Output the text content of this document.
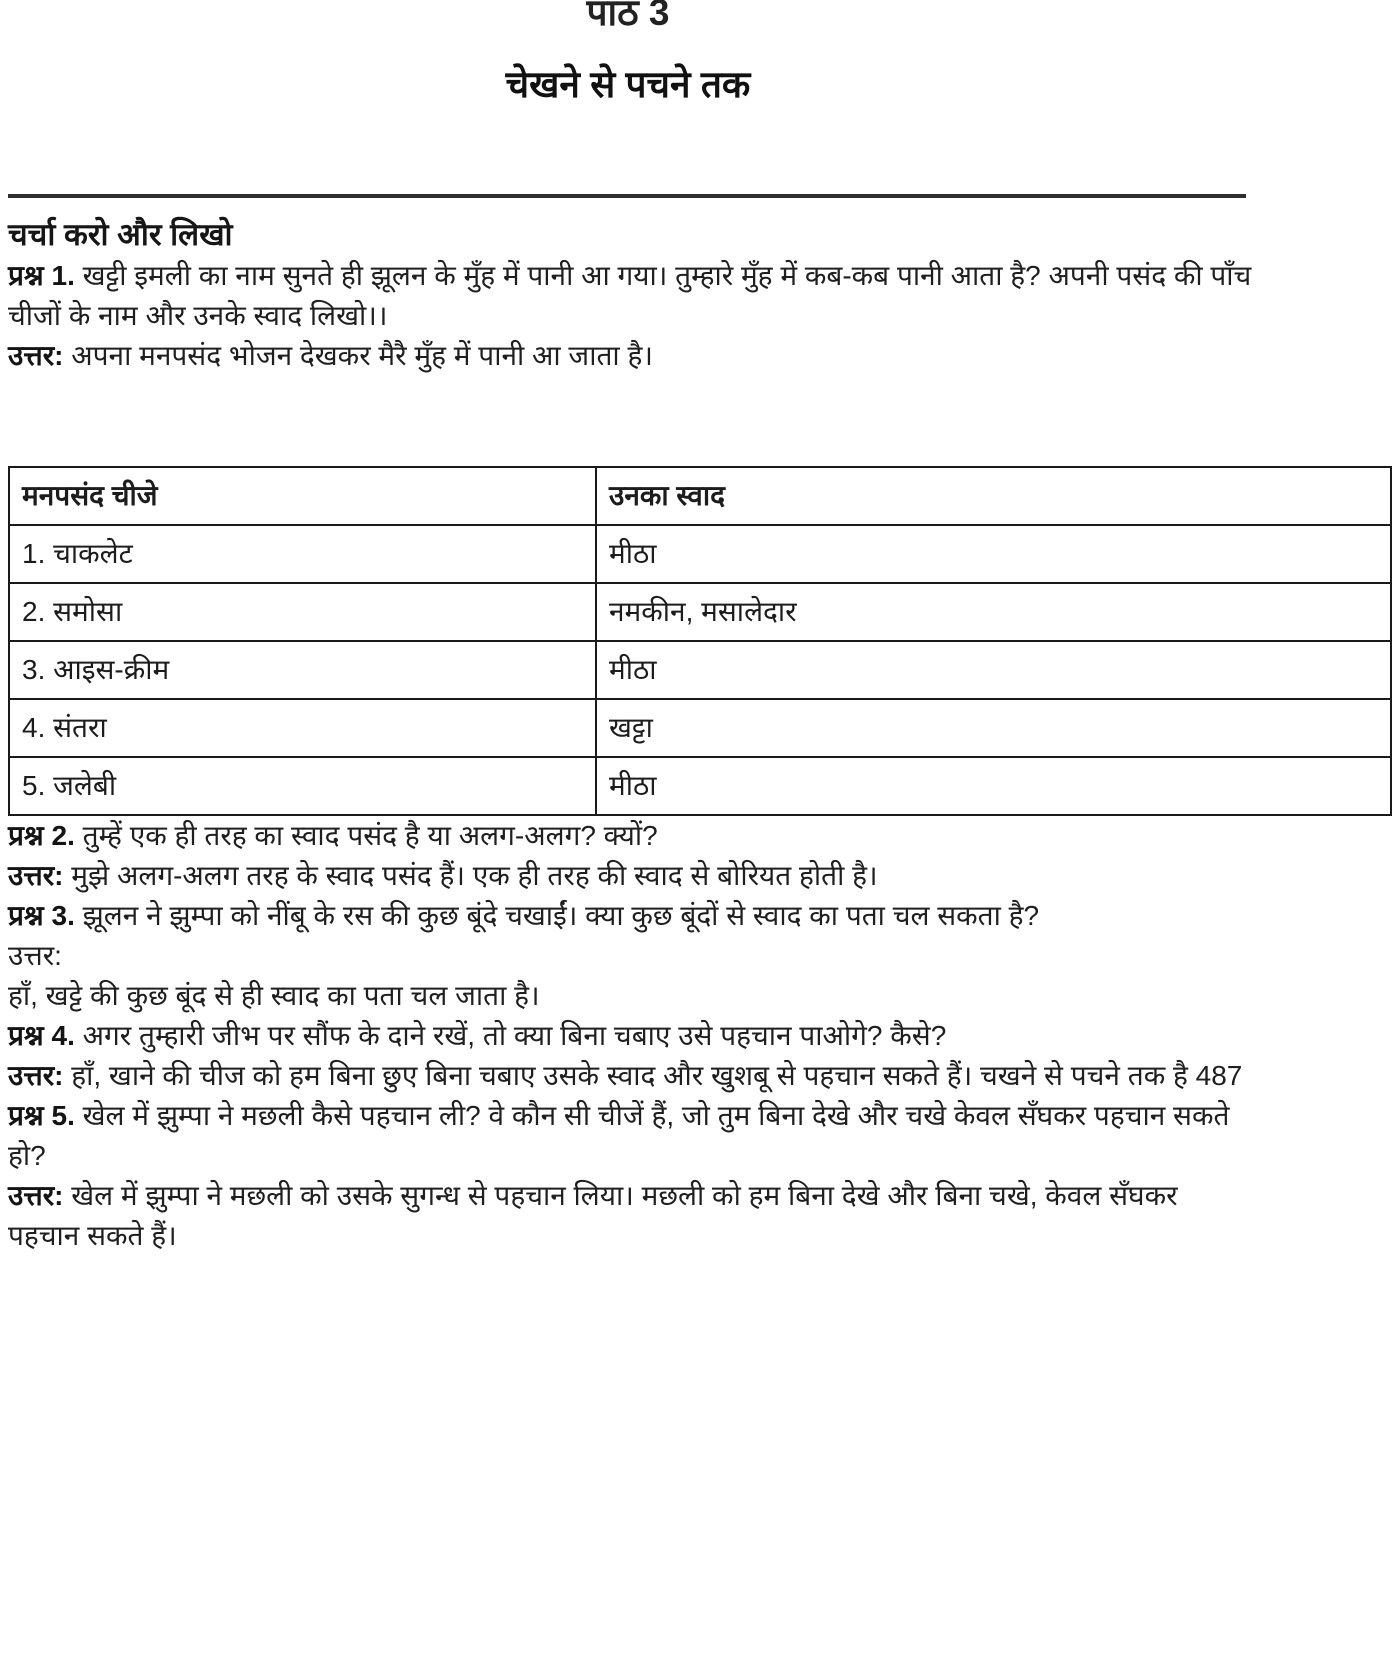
पाठ 3
चेखने से पचने तक
चर्चा करो और लिखो

प्रश्न 1. खट्टी इमली का नाम सुनते ही झूलन के मुँह में पानी आ गया। तुम्हारे मुँह में कब-कब पानी आता है? अपनी पसंद की पाँच चीजों के नाम और उनके स्वाद लिखो।।

उत्तर: अपना मनपसंद भोजन देखकर मैरै मुँह में पानी आ जाता है।

मनपसंद चीजे	उनका स्वाद
1. चाकलेट	मीठा
2. समोसा	नमकीन, मसालेदार
3. आइस-क्रीम	मीठा
4. संतरा	खट्टा
5. जलेबी	मीठा

प्रश्न 2. तुम्हें एक ही तरह का स्वाद पसंद है या अलग-अलग? क्यों?

उत्तर: मुझे अलग-अलग तरह के स्वाद पसंद हैं। एक ही तरह की स्वाद से बोरियत होती है।

प्रश्न 3. झूलन ने झुम्पा को नींबू के रस की कुछ बूंदे चखाईं। क्या कुछ बूंदों से स्वाद का पता चल सकता है?

उत्तर:

हाँ, खट्टे की कुछ बूंद से ही स्वाद का पता चल जाता है।

प्रश्न 4. अगर तुम्हारी जीभ पर सौंफ के दाने रखें, तो क्या बिना चबाए उसे पहचान पाओगे? कैसे?

उत्तर: हाँ, खाने की चीज को हम बिना छुए बिना चबाए उसके स्वाद और खुशबू से पहचान सकते हैं। चखने से पचने तक है 487

प्रश्न 5. खेल में झुम्पा ने मछली कैसे पहचान ली? वे कौन सी चीजें हैं, जो तुम बिना देखे और चखे केवल सँघकर पहचान सकते हो?

उत्तर: खेल में झुम्पा ने मछली को उसके सुगन्ध से पहचान लिया। मछली को हम बिना देखे और बिना चखे, केवल सँघकर पहचान सकते हैं।
